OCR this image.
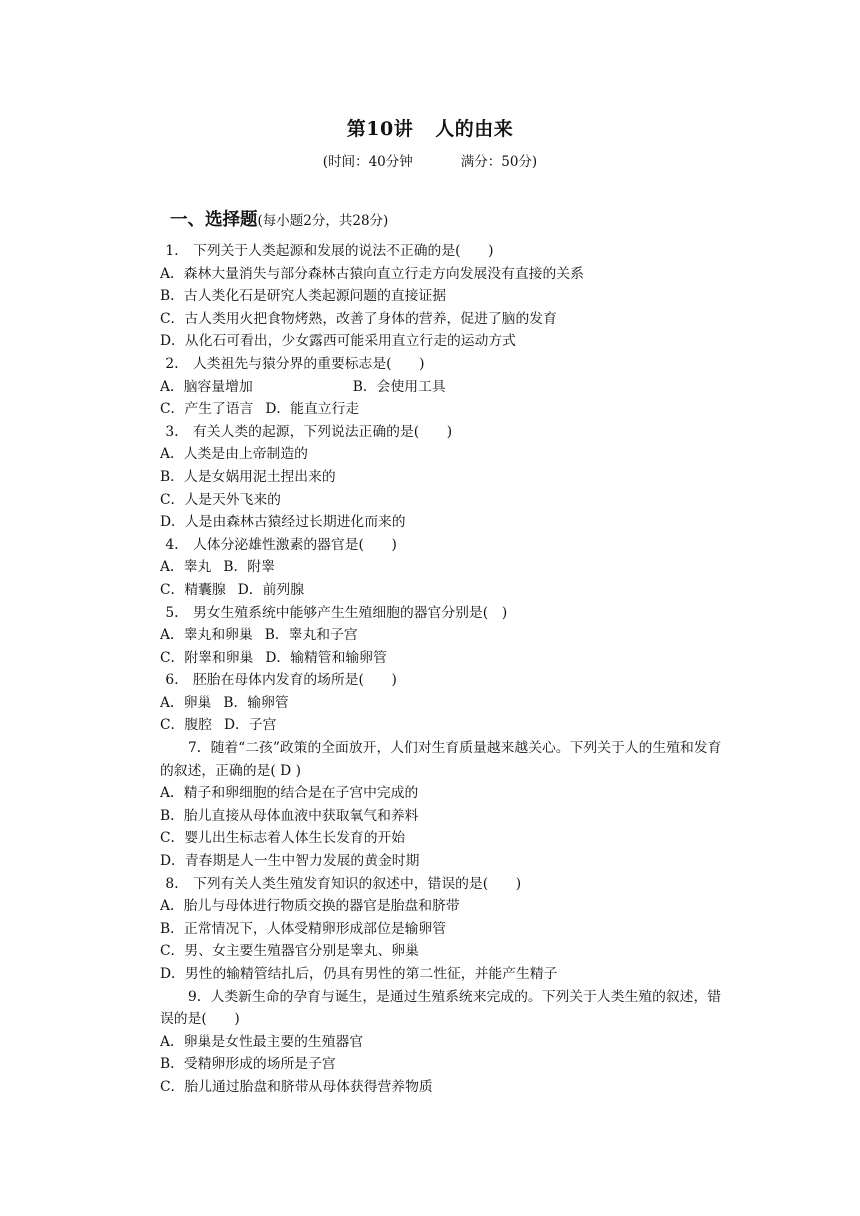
第10讲 人的由来
(时间：40分钟	满分：50分)
一、选择题(每小题2分，共28分)
1． 下列关于人类起源和发展的说法不正确的是(　　)
A．森林大量消失与部分森林古猿向直立行走方向发展没有直接的关系
B．古人类化石是研究人类起源问题的直接证据
C．古人类用火把食物烤熟，改善了身体的营养，促进了脑的发育
D．从化石可看出，少女露西可能采用直立行走的运动方式
2． 人类祖先与猿分界的重要标志是(　　)
A．脑容量增加	B．会使用工具
C．产生了语言 D．能直立行走
3． 有关人类的起源，下列说法正确的是(　　)
A．人类是由上帝制造的
B．人是女娲用泥土捏出来的
C．人是天外飞来的
D．人是由森林古猿经过长期进化而来的
4． 人体分泌雄性激素的器官是(　　)
A．睾丸 B．附睾
C．精囊腺 D．前列腺
5． 男女生殖系统中能够产生生殖细胞的器官分别是(　)
A．睾丸和卵巢 B．睾丸和子宫
C．附睾和卵巢 D．输精管和输卵管
6． 胚胎在母体内发育的场所是(　　)
A．卵巢 B．输卵管
C．腹腔 D．子宫
7．随着“二孩”政策的全面放开，人们对生育质量越来越关心。下列关于人的生殖和发育的叙述，正确的是( D )
A．精子和卵细胞的结合是在子宫中完成的
B．胎儿直接从母体血液中获取氧气和养料
C．婴儿出生标志着人体生长发育的开始
D．青春期是人一生中智力发展的黄金时期
8． 下列有关人类生殖发育知识的叙述中，错误的是(　　)
A．胎儿与母体进行物质交换的器官是胎盘和脐带
B．正常情况下，人体受精卵形成部位是输卵管
C．男、女主要生殖器官分别是睾丸、卵巢
D．男性的输精管结扎后，仍具有男性的第二性征，并能产生精子
9．人类新生命的孕育与诞生，是通过生殖系统来完成的。下列关于人类生殖的叙述，错误的是(　　)
A．卵巢是女性最主要的生殖器官
B．受精卵形成的场所是子宫
C．胎儿通过胎盘和脐带从母体获得营养物质
